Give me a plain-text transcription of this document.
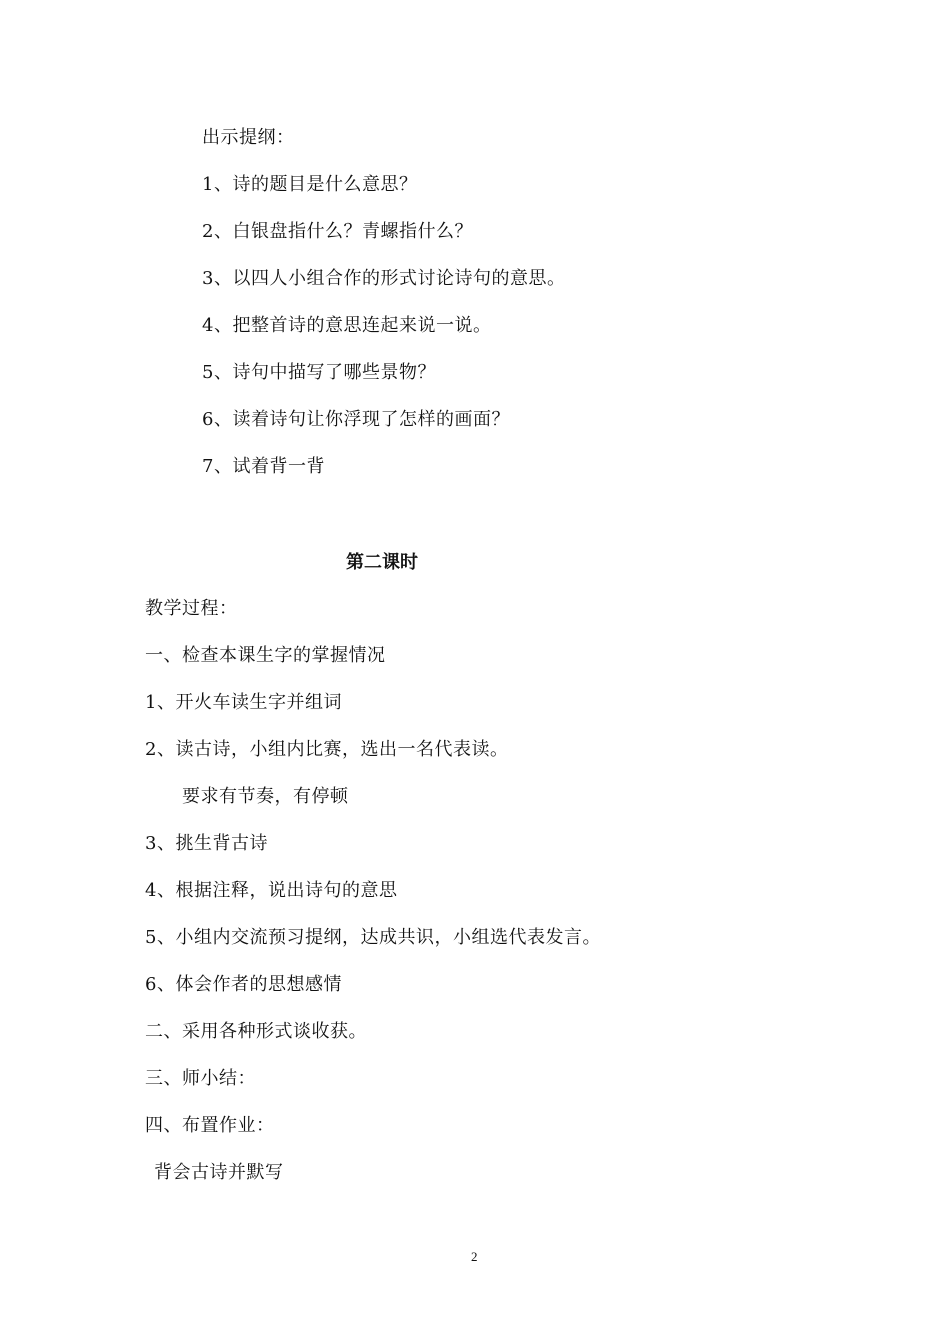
出示提纲：
1、诗的题目是什么意思？
2、白银盘指什么？青螺指什么？
3、以四人小组合作的形式讨论诗句的意思。
4、把整首诗的意思连起来说一说。
5、诗句中描写了哪些景物？
6、读着诗句让你浮现了怎样的画面？
7、试着背一背
第二课时
教学过程：
一、检查本课生字的掌握情况
1、开火车读生字并组词
2、读古诗，小组内比赛，选出一名代表读。
要求有节奏，有停顿
3、挑生背古诗
4、根据注释，说出诗句的意思
5、小组内交流预习提纲，达成共识，小组选代表发言。
6、体会作者的思想感情
二、采用各种形式谈收获。
三、师小结：
四、布置作业：
背会古诗并默写
2
